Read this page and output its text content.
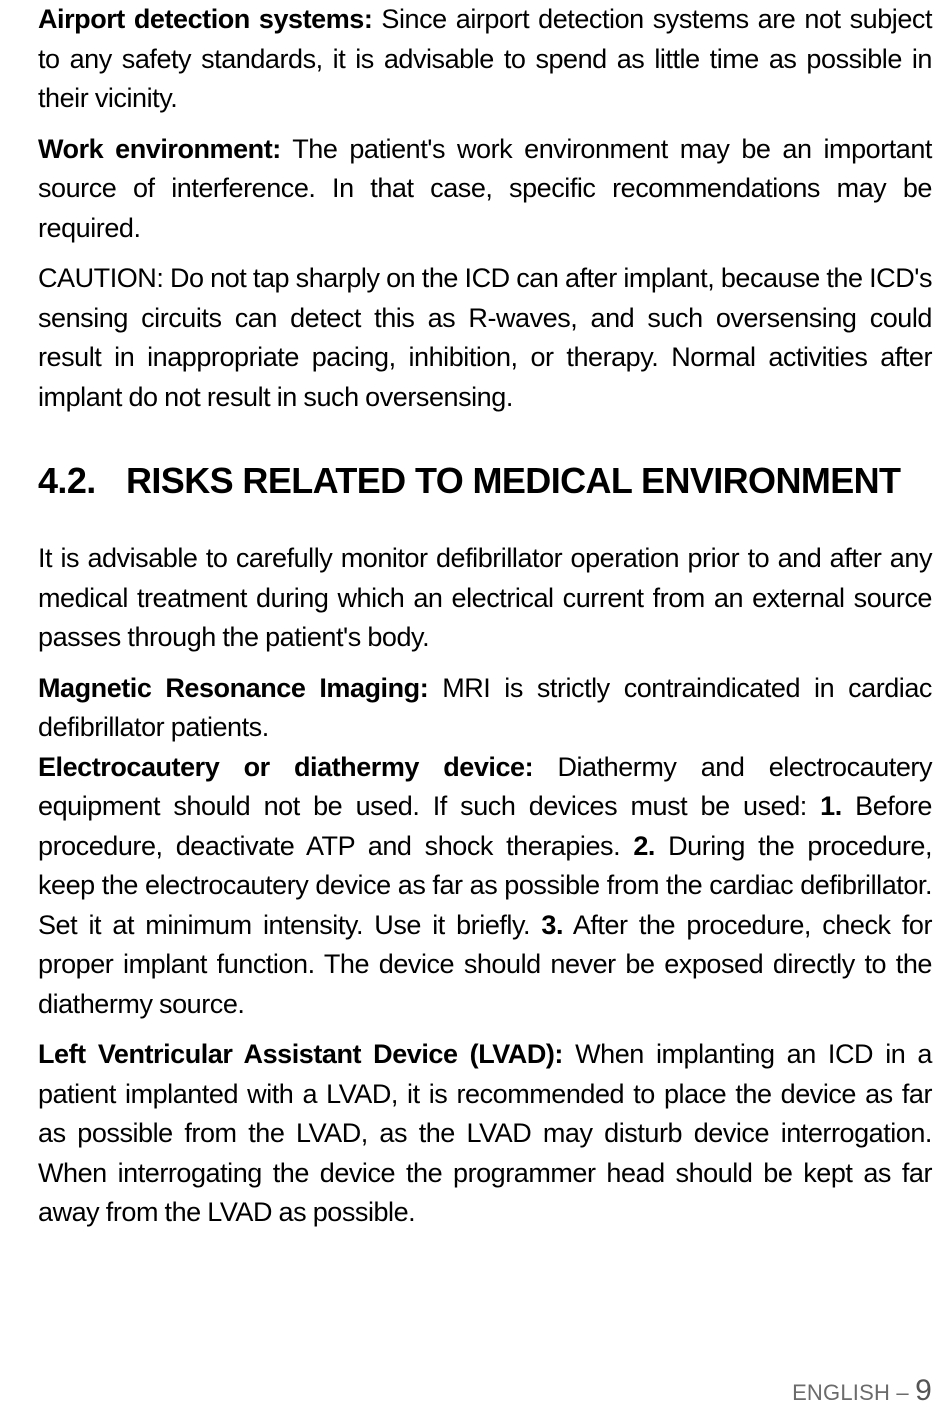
Airport detection systems: Since airport detection systems are not subject to any safety standards, it is advisable to spend as little time as possible in their vicinity.

Work environment: The patient's work environment may be an important source of interference. In that case, specific recommendations may be required.

CAUTION: Do not tap sharply on the ICD can after implant, because the ICD's sensing circuits can detect this as R-waves, and such oversensing could result in inappropriate pacing, inhibition, or therapy. Normal activities after implant do not result in such oversensing.

4.2. RISKS RELATED TO MEDICAL ENVIRONMENT

It is advisable to carefully monitor defibrillator operation prior to and after any medical treatment during which an electrical current from an external source passes through the patient's body.

Magnetic Resonance Imaging: MRI is strictly contraindicated in cardiac defibrillator patients.

Electrocautery or diathermy device: Diathermy and electrocautery equipment should not be used. If such devices must be used: 1. Before procedure, deactivate ATP and shock therapies. 2. During the procedure, keep the electrocautery device as far as possible from the cardiac defibrillator. Set it at minimum intensity. Use it briefly. 3. After the procedure, check for proper implant function. The device should never be exposed directly to the diathermy source.

Left Ventricular Assistant Device (LVAD): When implanting an ICD in a patient implanted with a LVAD, it is recommended to place the device as far as possible from the LVAD, as the LVAD may disturb device interrogation. When interrogating the device the programmer head should be kept as far away from the LVAD as possible.

ENGLISH – 9
